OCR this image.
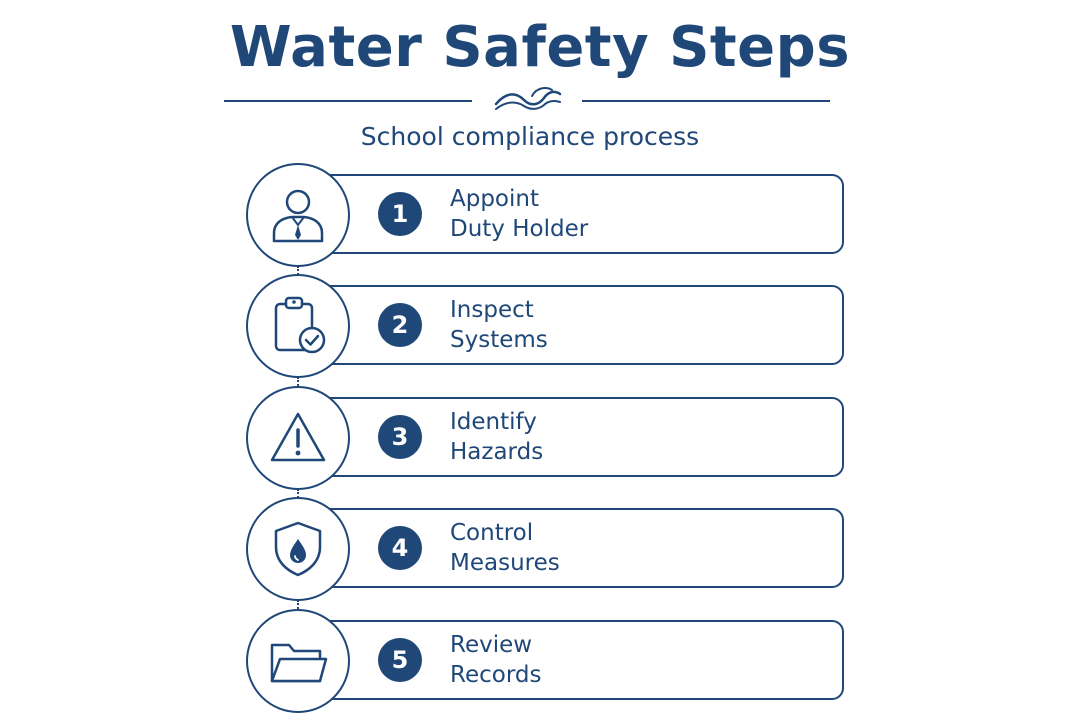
Water Safety Steps
School compliance process
1
Appoint
Duty Holder
2
Inspect
Systems
3
Identify
Hazards
4
Control
Measures
5
Review
Records
